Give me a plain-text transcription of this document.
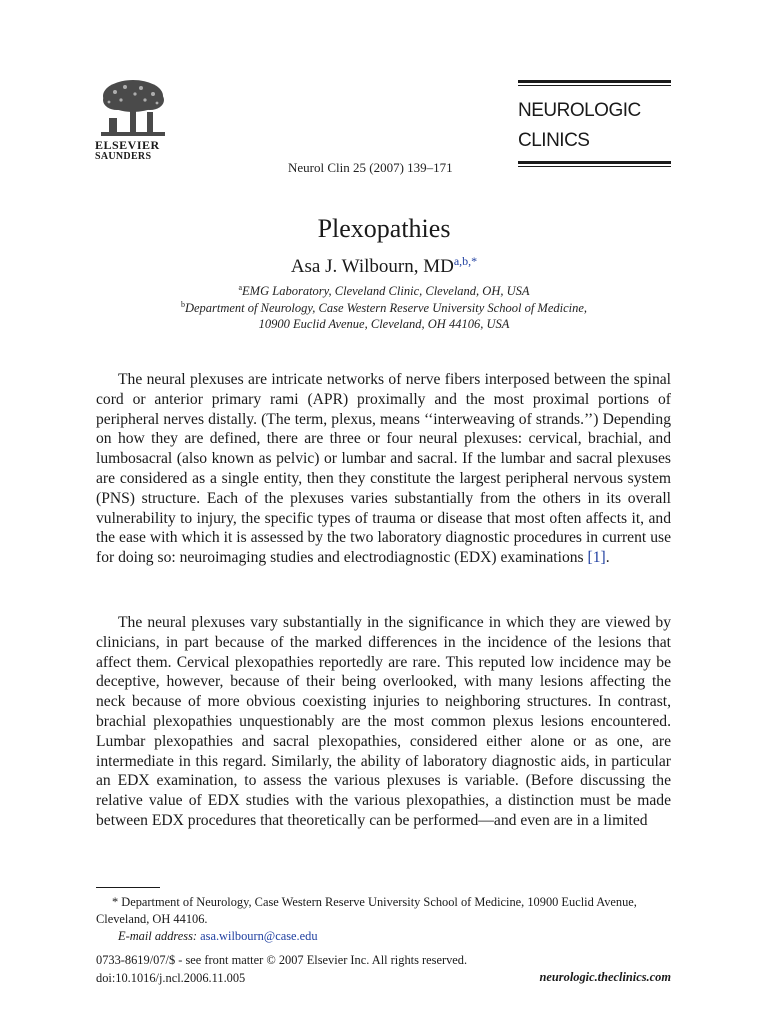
ELSEVIER
SAUNDERS
Neurol Clin 25 (2007) 139–171
NEUROLOGIC
CLINICS
Plexopathies
Asa J. Wilbourn, $MD^{a,b,*}$
$^a$EMG Laboratory, Cleveland Clinic, Cleveland, OH, USA
$^b$Department of Neurology, Case Western Reserve University School of Medicine,
10900 Euclid Avenue, Cleveland, OH 44106, USA

The neural plexuses are intricate networks of nerve fibers interposed between the spinal cord or anterior primary rami (APR) proximally and the most proximal portions of peripheral nerves distally. (The term, plexus, means ‘‘interweaving of strands.’’) Depending on how they are defined, there are three or four neural plexuses: cervical, brachial, and lumbosacral (also known as pelvic) or lumbar and sacral. If the lumbar and sacral plexuses are considered as a single entity, then they constitute the largest peripheral nervous system (PNS) structure. Each of the plexuses varies substantially from the others in its overall vulnerability to injury, the specific types of trauma or disease that most often affects it, and the ease with which it is assessed by the two laboratory diagnostic procedures in current use for doing so: neuroimaging studies and electrodiagnostic (EDX) examinations [1].

The neural plexuses vary substantially in the significance in which they are viewed by clinicians, in part because of the marked differences in the incidence of the lesions that affect them. Cervical plexopathies reportedly are rare. This reputed low incidence may be deceptive, however, because of their being overlooked, with many lesions affecting the neck because of more obvious coexisting injuries to neighboring structures. In contrast, brachial plexopathies unquestionably are the most common plexus lesions encountered. Lumbar plexopathies and sacral plexopathies, considered either alone or as one, are intermediate in this regard. Similarly, the ability of laboratory diagnostic aids, in particular an EDX examination, to assess the various plexuses is variable. (Before discussing the relative value of EDX studies with the various plexopathies, a distinction must be made between EDX procedures that theoretically can be performed—and even are in a limited

* Department of Neurology, Case Western Reserve University School of Medicine, 10900 Euclid Avenue, Cleveland, OH 44106.
E-mail address: asa.wilbourn@case.edu
0733-8619/07/$ - see front matter © 2007 Elsevier Inc. All rights reserved.
doi:10.1016/j.ncl.2006.11.005	neurologic.theclinics.com
